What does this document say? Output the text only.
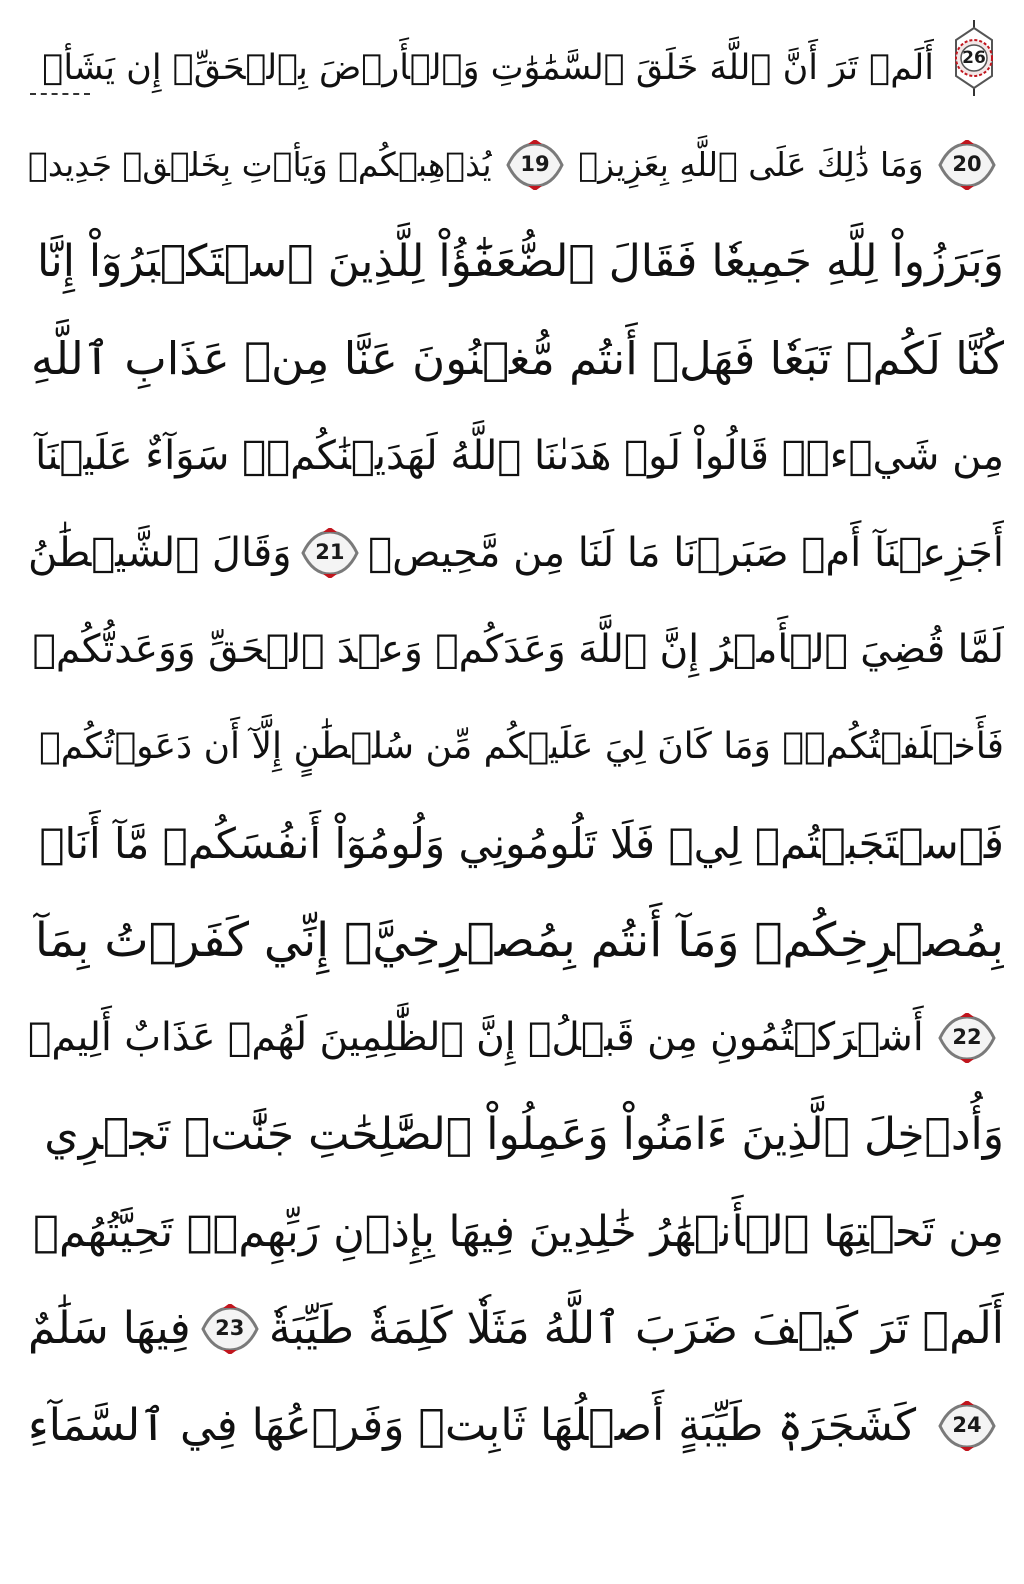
26
أَلَمۡ تَرَ أَنَّ ٱللَّهَ خَلَقَ ٱلسَّمَٰوَٰتِ وَٱلۡأَرۡضَ بِٱلۡحَقِّۚ إِن يَشَأۡ
20
وَمَا ذَٰلِكَ عَلَى ٱللَّهِ بِعَزِيزٖ
19
يُذۡهِبۡكُمۡ وَيَأۡتِ بِخَلۡقٖ جَدِيدٖ
وَبَرَزُواْ لِلَّهِ جَمِيعٗا فَقَالَ ٱلضُّعَفَٰٓؤُاْ لِلَّذِينَ ٱسۡتَكۡبَرُوٓاْ إِنَّا
كُنَّا لَكُمۡ تَبَعٗا فَهَلۡ أَنتُم مُّغۡنُونَ عَنَّا مِنۡ عَذَابِ ٱللَّهِ
مِن شَيۡءٖۚ قَالُواْ لَوۡ هَدَىٰنَا ٱللَّهُ لَهَدَيۡنَٰكُمۡۖ سَوَآءٌ عَلَيۡنَآ
أَجَزِعۡنَآ أَمۡ صَبَرۡنَا مَا لَنَا مِن مَّحِيصٖ
21
وَقَالَ ٱلشَّيۡطَٰنُ
لَمَّا قُضِيَ ٱلۡأَمۡرُ إِنَّ ٱللَّهَ وَعَدَكُمۡ وَعۡدَ ٱلۡحَقِّ وَوَعَدتُّكُمۡ
فَأَخۡلَفۡتُكُمۡۖ وَمَا كَانَ لِيَ عَلَيۡكُم مِّن سُلۡطَٰنٍ إِلَّآ أَن دَعَوۡتُكُمۡ
فَٱسۡتَجَبۡتُمۡ لِيۖ فَلَا تَلُومُونِي وَلُومُوٓاْ أَنفُسَكُمۖ مَّآ أَنَا۠
بِمُصۡرِخِكُمۡ وَمَآ أَنتُم بِمُصۡرِخِيَّۖ إِنِّي كَفَرۡتُ بِمَآ
22
أَشۡرَكۡتُمُونِ مِن قَبۡلُۗ إِنَّ ٱلظَّٰلِمِينَ لَهُمۡ عَذَابٌ أَلِيمٞ
وَأُدۡخِلَ ٱلَّذِينَ ءَامَنُواْ وَعَمِلُواْ ٱلصَّٰلِحَٰتِ جَنَّٰتٖ تَجۡرِي
مِن تَحۡتِهَا ٱلۡأَنۡهَٰرُ خَٰلِدِينَ فِيهَا بِإِذۡنِ رَبِّهِمۡۖ تَحِيَّتُهُمۡ
أَلَمۡ تَرَ كَيۡفَ ضَرَبَ ٱللَّهُ مَثَلٗا كَلِمَةٗ طَيِّبَةٗ
23
فِيهَا سَلَٰمٌ
24
كَشَجَرَةٖ طَيِّبَةٍ أَصۡلُهَا ثَابِتٞ وَفَرۡعُهَا فِي ٱلسَّمَآءِ
